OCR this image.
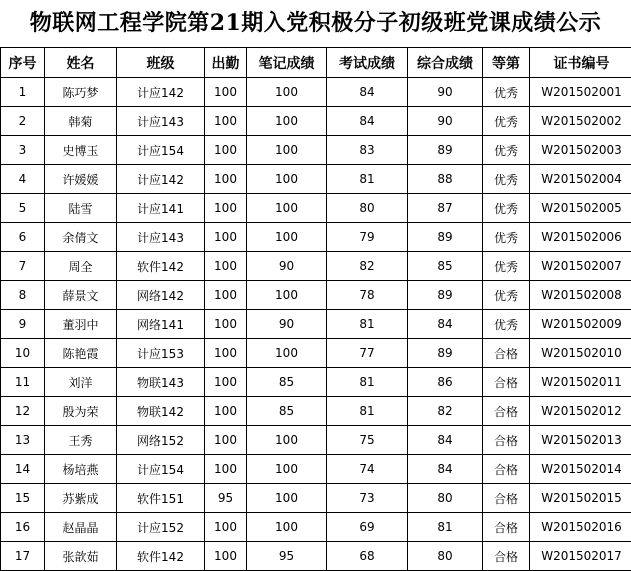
物联网工程学院第21期入党积极分子初级班党课成绩公示
序号	姓名	班级	出勤	笔记成绩	考试成绩	综合成绩	等第	证书编号
1	陈巧梦	计应142	100	100	84	90	优秀	W201502001
2	韩菊	计应143	100	100	84	90	优秀	W201502002
3	史博玉	计应154	100	100	83	89	优秀	W201502003
4	许媛媛	计应142	100	100	81	88	优秀	W201502004
5	陆雪	计应141	100	100	80	87	优秀	W201502005
6	余倩文	计应143	100	100	79	89	优秀	W201502006
7	周全	软件142	100	90	82	85	优秀	W201502007
8	薛景文	网络142	100	100	78	89	优秀	W201502008
9	董羽中	网络141	100	90	81	84	优秀	W201502009
10	陈艳霞	计应153	100	100	77	89	合格	W201502010
11	刘洋	物联143	100	85	81	86	合格	W201502011
12	殷为荣	物联142	100	85	81	82	合格	W201502012
13	王秀	网络152	100	100	75	84	合格	W201502013
14	杨培燕	计应154	100	100	74	84	合格	W201502014
15	苏紫成	软件151	95	100	73	80	合格	W201502015
16	赵晶晶	计应152	100	100	69	81	合格	W201502016
17	张歆茹	软件142	100	95	68	80	合格	W201502017
